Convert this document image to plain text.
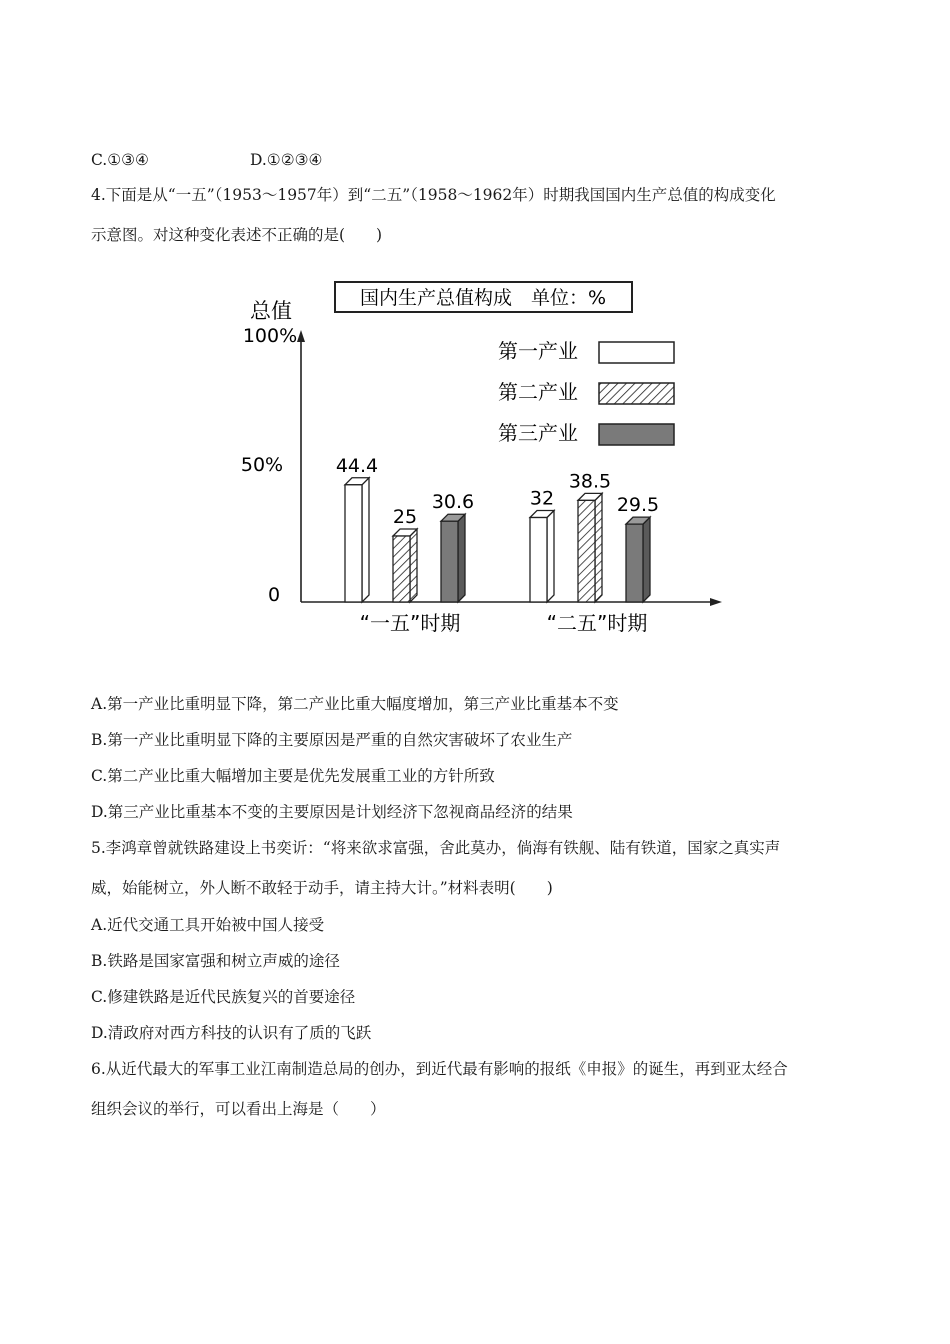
C.①③④	D.①②③④
4.下面是从“一五”（1953～1957年）到“二五”（1958～1962年）时期我国国内生产总值的构成变化
示意图。对这种变化表述不正确的是(　　)
国内生产总值构成　单位：%
总值
0
50%
100%
第一产业
第二产业
第三产业
“一五”时期	“二五”时期
44.4
25
30.6	32
38.5
29.5
A.第一产业比重明显下降，第二产业比重大幅度增加，第三产业比重基本不变
B.第一产业比重明显下降的主要原因是严重的自然灾害破坏了农业生产
C.第二产业比重大幅增加主要是优先发展重工业的方针所致
D.第三产业比重基本不变的主要原因是计划经济下忽视商品经济的结果
5.李鸿章曾就铁路建设上书奕䜣：“将来欲求富强，舍此莫办，倘海有铁舰、陆有铁道，国家之真实声
威，始能树立，外人断不敢轻于动手，请主持大计。”材料表明(　　)
A.近代交通工具开始被中国人接受
B.铁路是国家富强和树立声威的途径
C.修建铁路是近代民族复兴的首要途径
D.清政府对西方科技的认识有了质的飞跃
6.从近代最大的军事工业江南制造总局的创办，到近代最有影响的报纸《申报》的诞生，再到亚太经合
组织会议的举行，可以看出上海是（　　）
